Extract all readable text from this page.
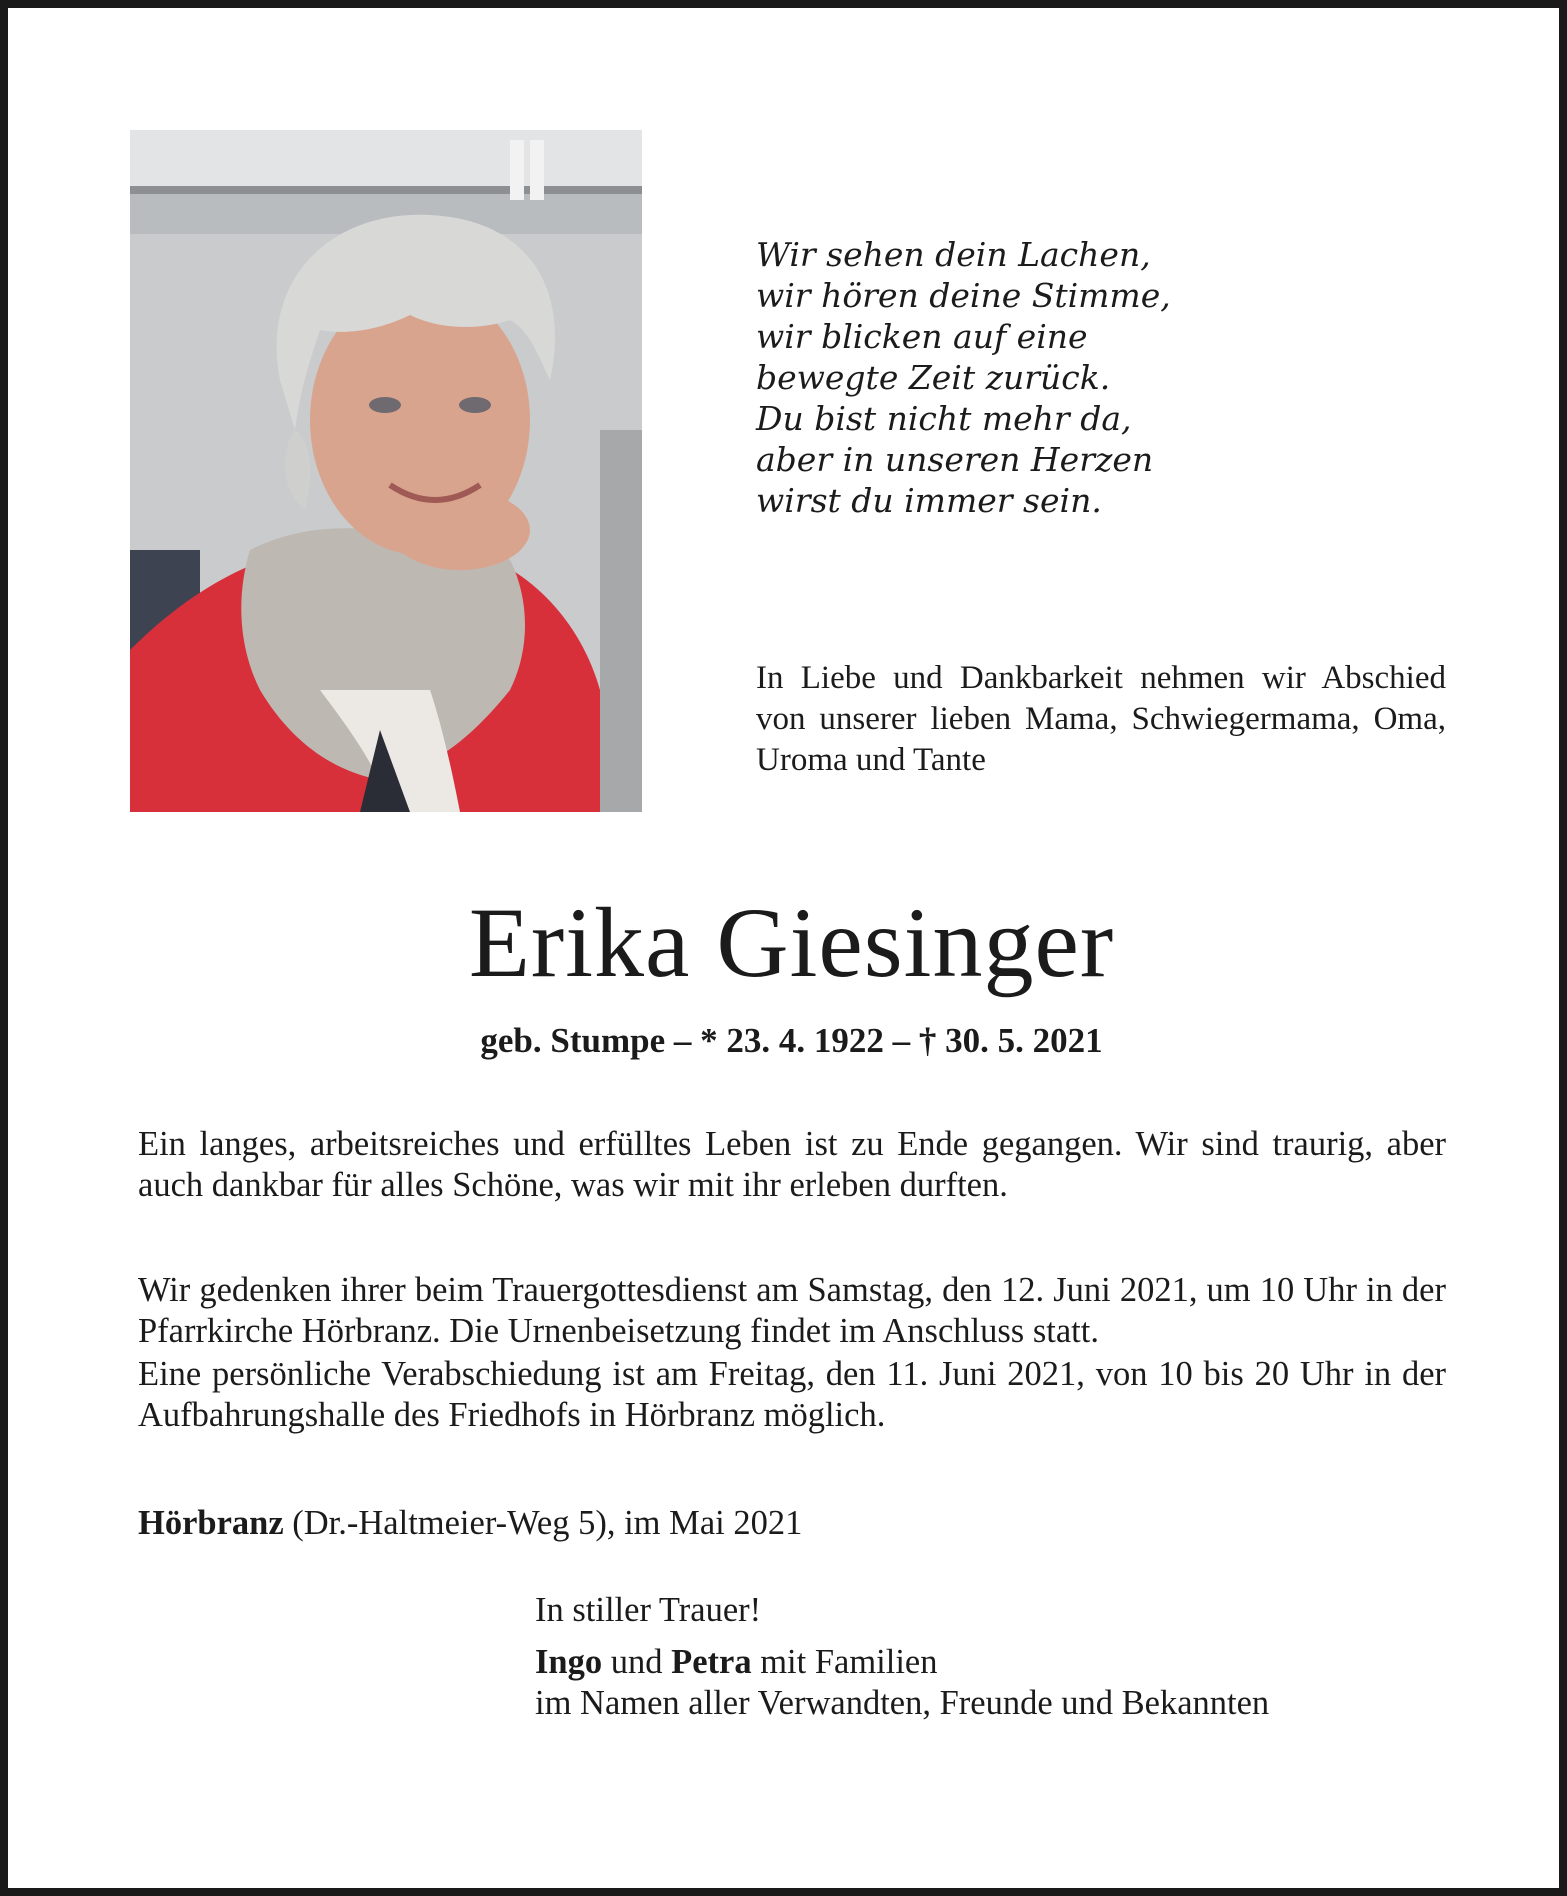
Wir sehen dein Lachen,
wir hören deine Stimme,
wir blicken auf eine
bewegte Zeit zurück.
Du bist nicht mehr da,
aber in unseren Herzen
wirst du immer sein.

In Liebe und Dankbarkeit nehmen wir Abschied von unserer lieben Mama, Schwiegermama, Oma, Uroma und Tante

Erika Giesinger

geb. Stumpe – * 23. 4. 1922 – † 30. 5. 2021

Ein langes, arbeitsreiches und erfülltes Leben ist zu Ende gegangen. Wir sind traurig, aber auch dankbar für alles Schöne, was wir mit ihr erleben durften.

Wir gedenken ihrer beim Trauergottesdienst am Samstag, den 12. Juni 2021, um 10 Uhr in der Pfarrkirche Hörbranz. Die Urnenbeisetzung findet im Anschluss statt.

Eine persönliche Verabschiedung ist am Freitag, den 11. Juni 2021, von 10 bis 20 Uhr in der Aufbahrungshalle des Friedhofs in Hörbranz möglich.

Hörbranz (Dr.-Haltmeier-Weg 5), im Mai 2021

In stiller Trauer!

Ingo und Petra mit Familien

im Namen aller Verwandten, Freunde und Bekannten
